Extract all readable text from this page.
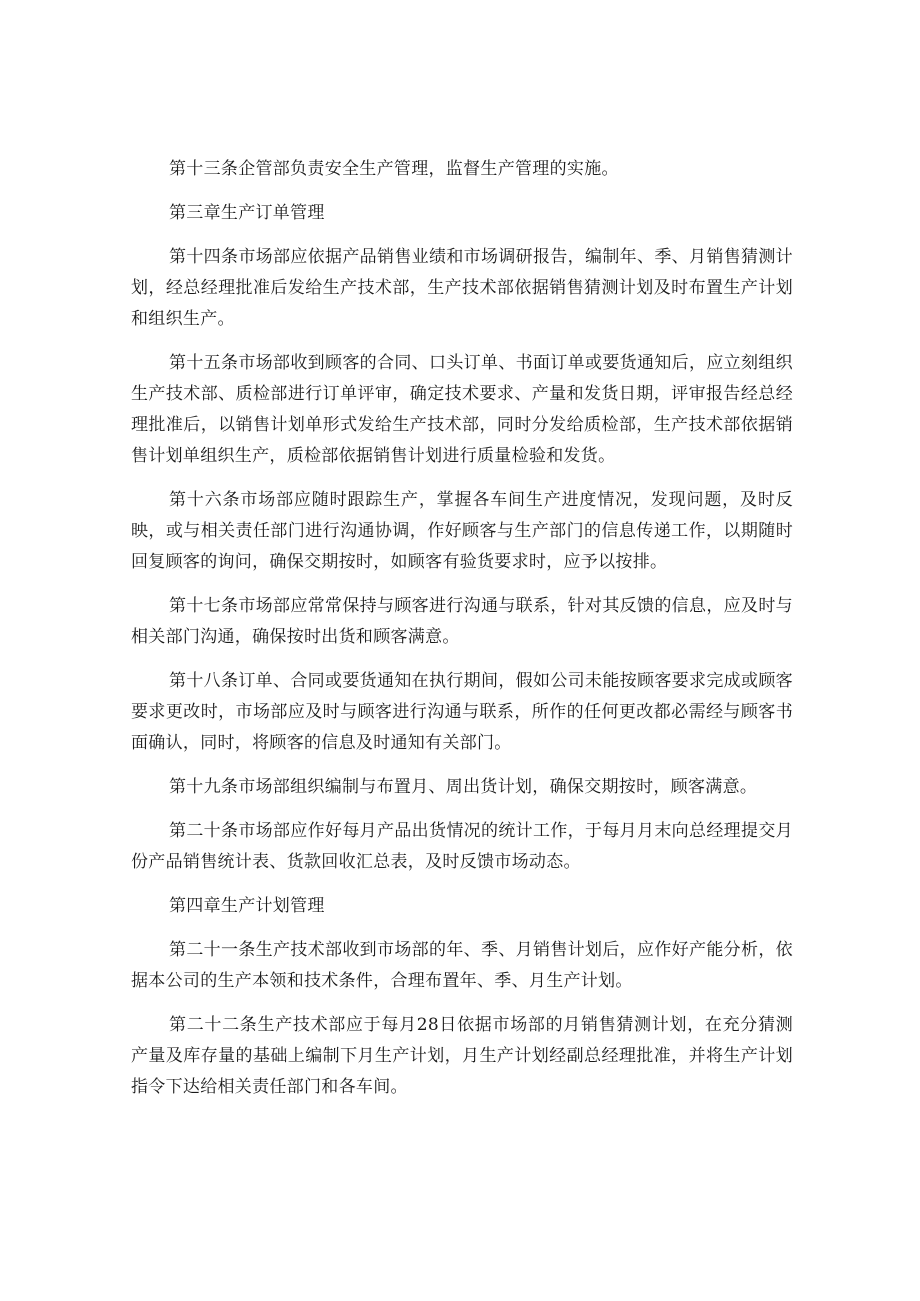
第十三条企管部负责安全生产管理，监督生产管理的实施。

第三章生产订单管理

第十四条市场部应依据产品销售业绩和市场调研报告，编制年、季、月销售猜测计划，经总经理批准后发给生产技术部，生产技术部依据销售猜测计划及时布置生产计划和组织生产。

第十五条市场部收到顾客的合同、口头订单、书面订单或要货通知后，应立刻组织生产技术部、质检部进行订单评审，确定技术要求、产量和发货日期，评审报告经总经理批准后，以销售计划单形式发给生产技术部，同时分发给质检部，生产技术部依据销售计划单组织生产，质检部依据销售计划进行质量检验和发货。

第十六条市场部应随时跟踪生产，掌握各车间生产进度情况，发现问题，及时反映，或与相关责任部门进行沟通协调，作好顾客与生产部门的信息传递工作，以期随时回复顾客的询问，确保交期按时，如顾客有验货要求时，应予以按排。

第十七条市场部应常常保持与顾客进行沟通与联系，针对其反馈的信息，应及时与相关部门沟通，确保按时出货和顾客满意。

第十八条订单、合同或要货通知在执行期间，假如公司未能按顾客要求完成或顾客要求更改时，市场部应及时与顾客进行沟通与联系，所作的任何更改都必需经与顾客书面确认，同时，将顾客的信息及时通知有关部门。

第十九条市场部组织编制与布置月、周出货计划，确保交期按时，顾客满意。

第二十条市场部应作好每月产品出货情况的统计工作，于每月月末向总经理提交月份产品销售统计表、货款回收汇总表，及时反馈市场动态。

第四章生产计划管理

第二十一条生产技术部收到市场部的年、季、月销售计划后，应作好产能分析，依据本公司的生产本领和技术条件，合理布置年、季、月生产计划。

第二十二条生产技术部应于每月28日依据市场部的月销售猜测计划，在充分猜测产量及库存量的基础上编制下月生产计划，月生产计划经副总经理批准，并将生产计划指令下达给相关责任部门和各车间。
